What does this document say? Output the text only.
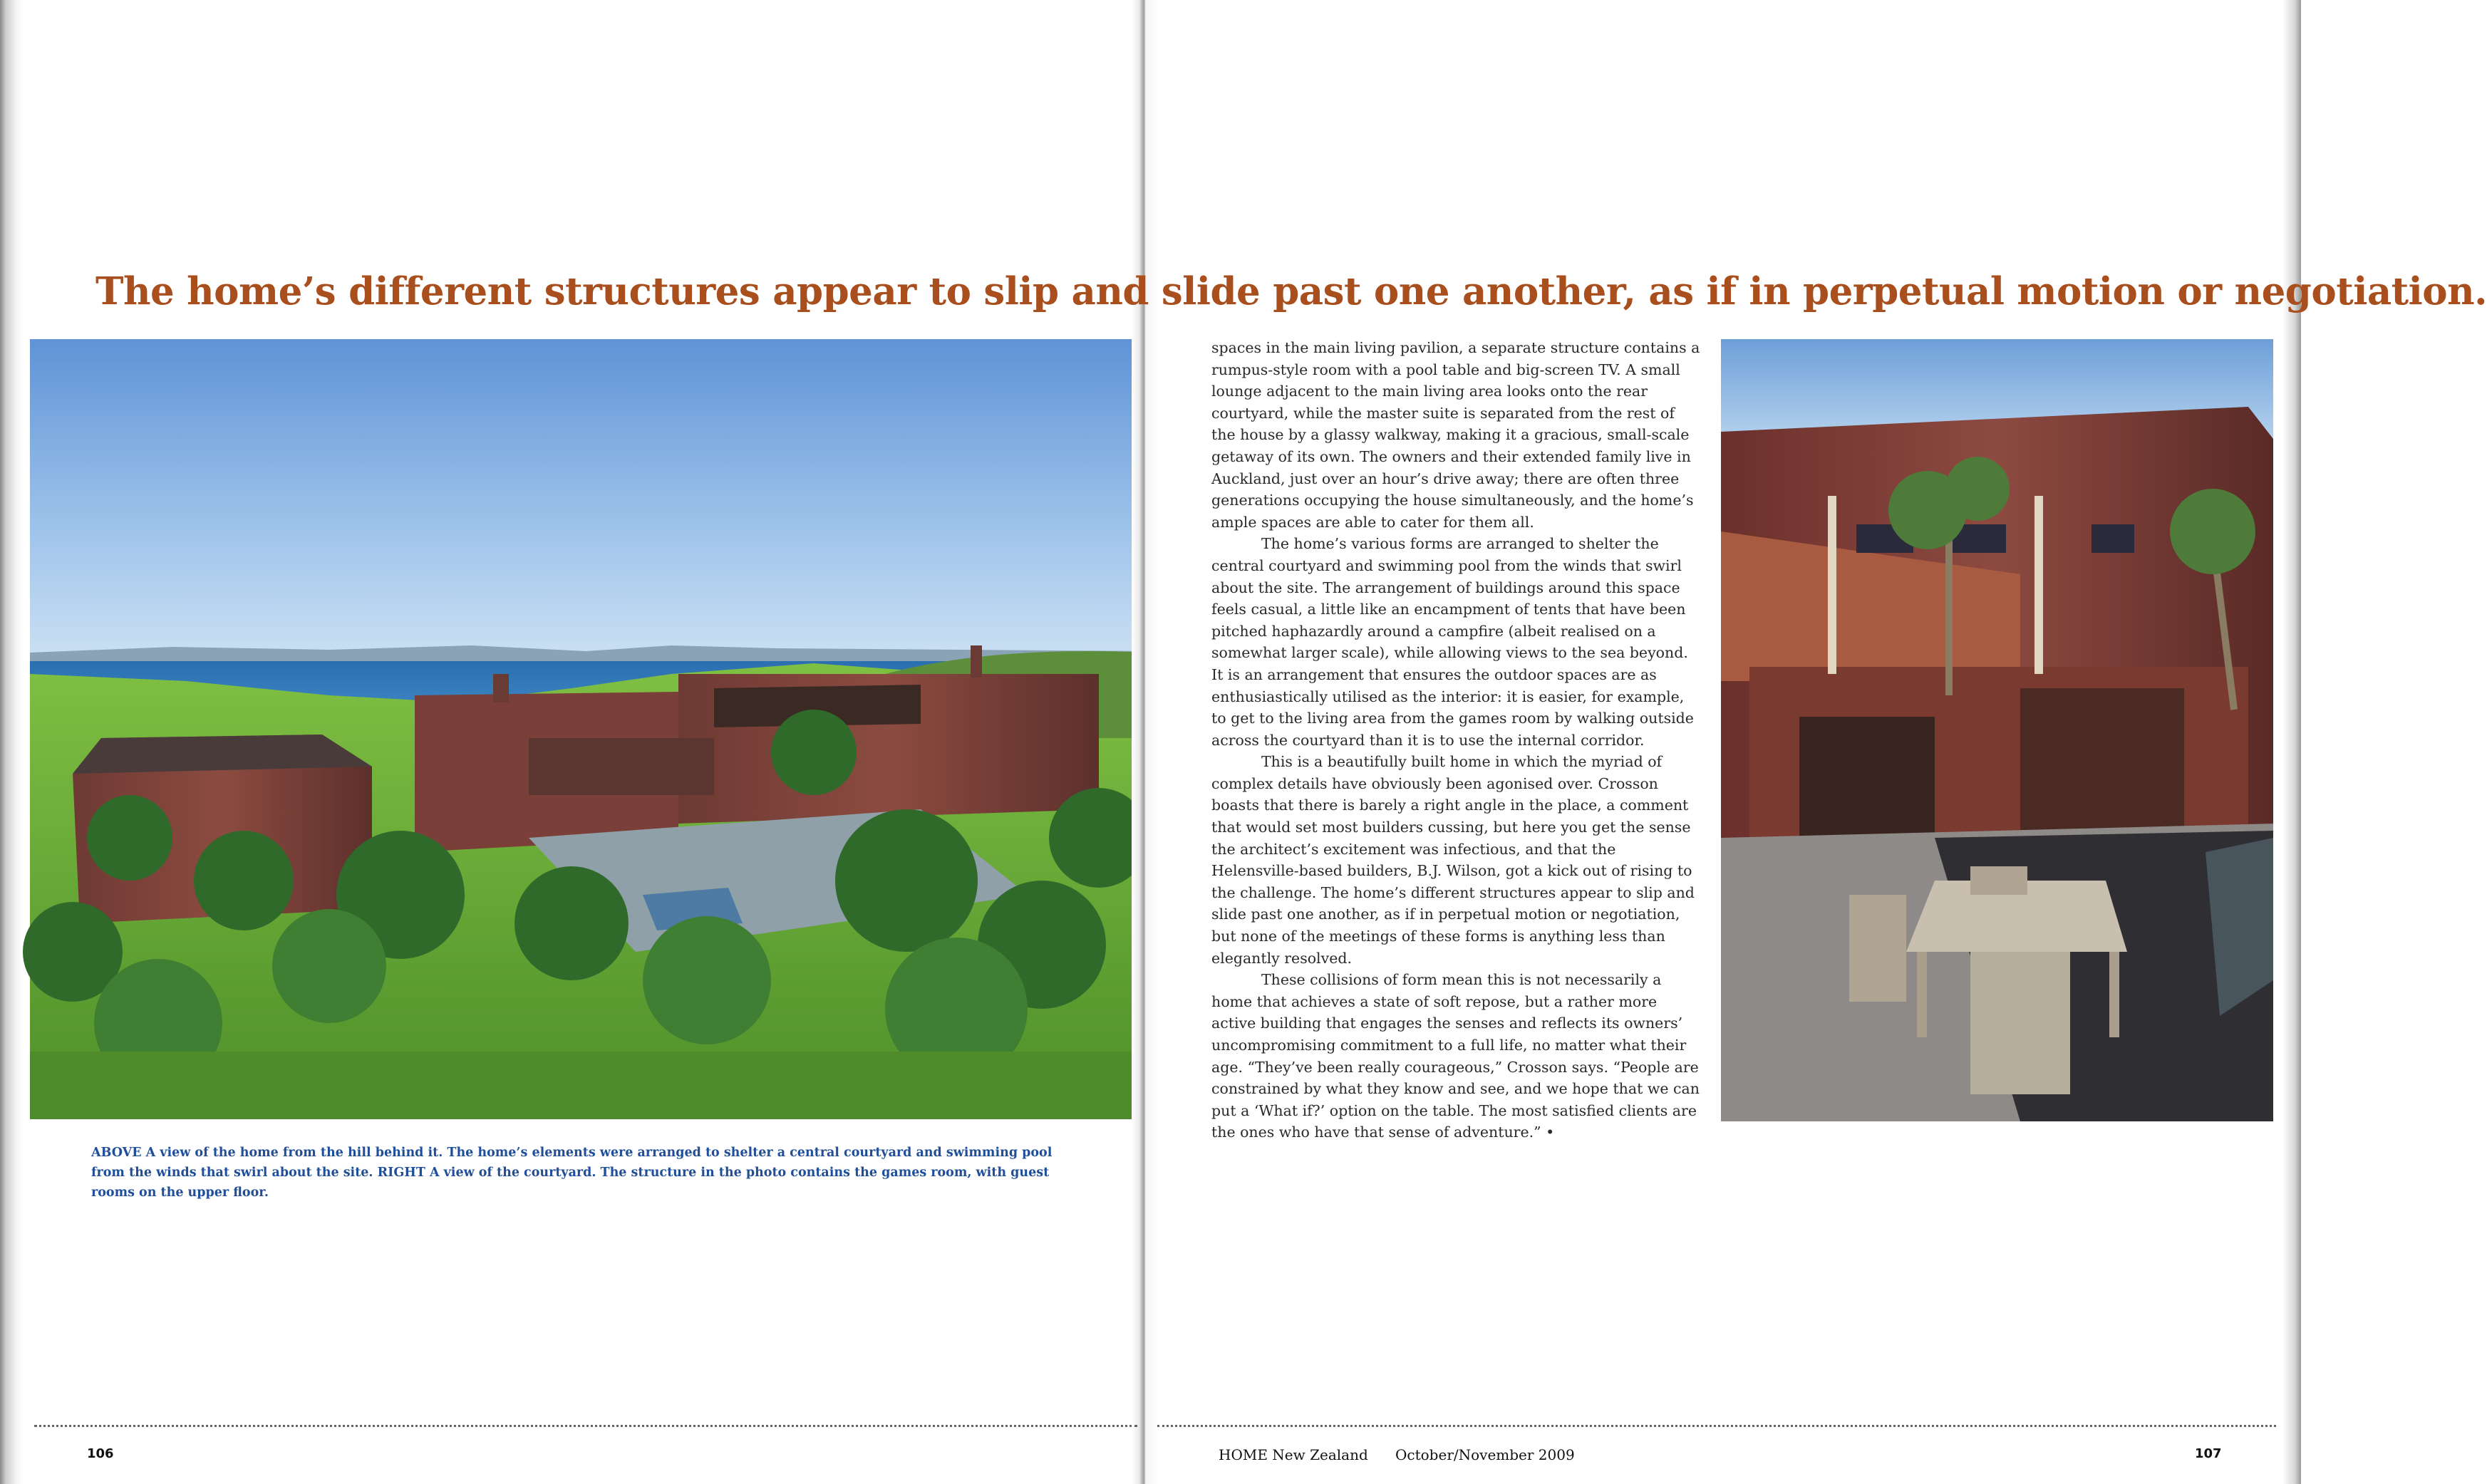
The home’s different structures appear to slip and slide past one another, as if in perpetual motion or negotiation.
ABOVE A view of the home from the hill behind it. The home’s elements were arranged to shelter a central courtyard and swimming pool from the winds that swirl about the site. RIGHT A view of the courtyard. The structure in the photo contains the games room, with guest rooms on the upper floor.

spaces in the main living pavilion, a separate structure contains a rumpus-style room with a pool table and big-screen TV. A small lounge adjacent to the main living area looks onto the rear courtyard, while the master suite is separated from the rest of the house by a glassy walkway, making it a gracious, small-scale getaway of its own. The owners and their extended family live in Auckland, just over an hour’s drive away; there are often three generations occupying the house simultaneously, and the home’s ample spaces are able to cater for them all.

The home’s various forms are arranged to shelter the central courtyard and swimming pool from the winds that swirl about the site. The arrangement of buildings around this space feels casual, a little like an encampment of tents that have been pitched haphazardly around a campfire (albeit realised on a somewhat larger scale), while allowing views to the sea beyond. It is an arrangement that ensures the outdoor spaces are as enthusiastically utilised as the interior: it is easier, for example, to get to the living area from the games room by walking outside across the courtyard than it is to use the internal corridor.

This is a beautifully built home in which the myriad of complex details have obviously been agonised over. Crosson boasts that there is barely a right angle in the place, a comment that would set most builders cussing, but here you get the sense the architect’s excitement was infectious, and that the Helensville-based builders, B.J. Wilson, got a kick out of rising to the challenge. The home’s different structures appear to slip and slide past one another, as if in perpetual motion or negotiation, but none of the meetings of these forms is anything less than elegantly resolved.

These collisions of form mean this is not necessarily a home that achieves a state of soft repose, but a rather more active building that engages the senses and reflects its owners’ uncompromising commitment to a full life, no matter what their age. “They’ve been really courageous,” Crosson says. “People are constrained by what they know and see, and we hope that we can put a ‘What if?’ option on the table. The most satisfied clients are the ones who have that sense of adventure.” •

106	HOME New Zealand October/November 2009	107
